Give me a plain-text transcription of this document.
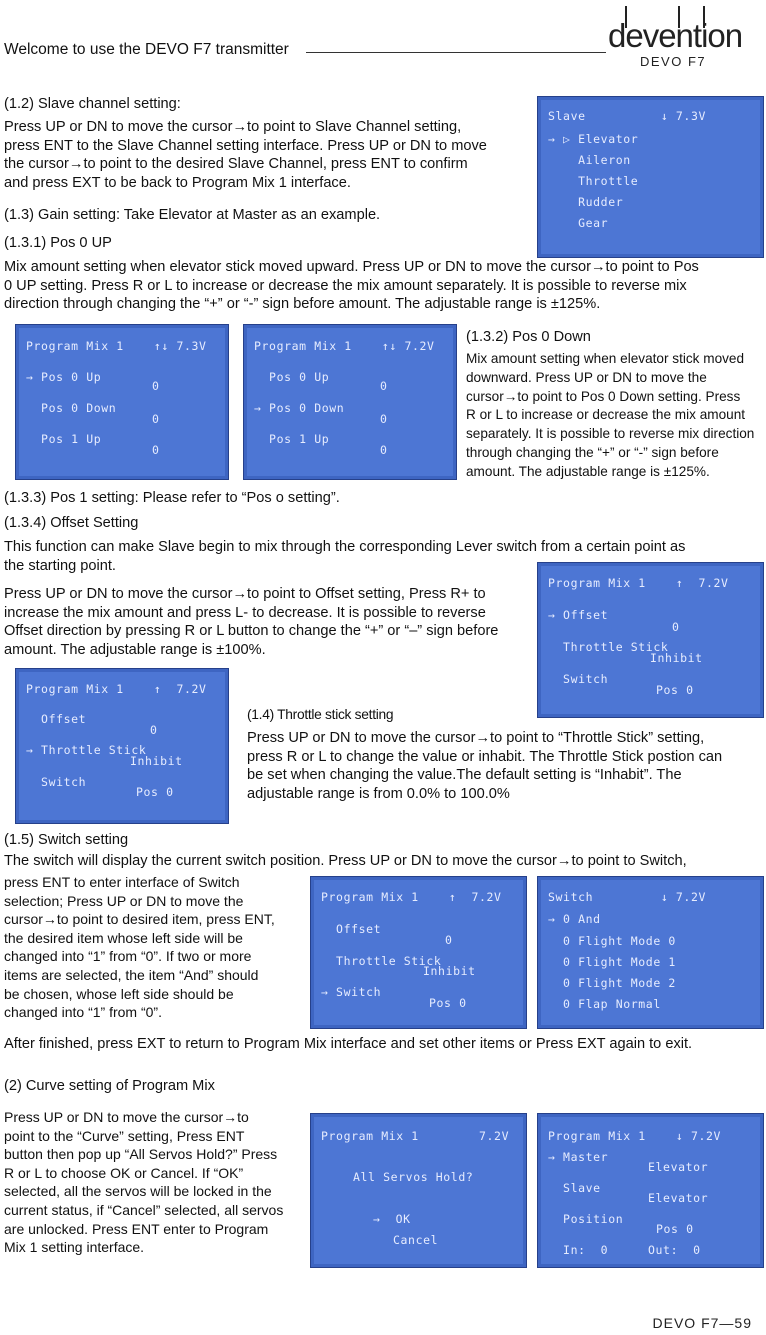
Welcome to use the DEVO F7 transmitter	devention
DEVO F7
(1.2) Slave channel setting:
Press UP or DN to move the cursor→to point to Slave Channel setting,
press ENT to the Slave Channel setting interface. Press UP or DN to move
the cursor→to point to the desired Slave Channel, press ENT to confirm
and press EXT to be back to Program Mix 1 interface.
(1.3) Gain setting: Take Elevator at Master as an example.
(1.3.1) Pos 0 UP
Mix amount setting when elevator stick moved upward. Press UP or DN to move the cursor→to point to Pos
0 UP setting. Press R or L to increase or decrease the mix amount separately. It is possible to reverse mix
direction through changing the “+” or “-” sign before amount. The adjustable range is ±125%.
Slave          ↓ 7.3V
→ ▷ Elevator
Aileron
Throttle
Rudder
Gear
Program Mix 1    ↑↓ 7.3V
→ Pos 0 Up
0
Pos 0 Down
0
Pos 1 Up
0
Program Mix 1    ↑↓ 7.2V
Pos 0 Up
0
→ Pos 0 Down
0
Pos 1 Up
0
(1.3.2) Pos 0 Down
Mix amount setting when elevator stick moved
downward. Press UP or DN to move the
cursor→to point to Pos 0 Down setting. Press
R or L to increase or decrease the mix amount
separately. It is possible to reverse mix direction
through changing the “+” or “-” sign before
amount. The adjustable range is ±125%.
(1.3.3) Pos 1 setting: Please refer to “Pos o setting”.
(1.3.4) Offset Setting
This function can make Slave begin to mix through the corresponding Lever switch from a certain point as
the starting point.
Press UP or DN to move the cursor→to point to Offset setting, Press R+ to
increase the mix amount and press L- to decrease. It is possible to reverse
Offset direction by pressing R or L button to change the “+” or “–” sign before
amount. The adjustable range is ±100%.
Program Mix 1    ↑  7.2V
→ Offset
0
Throttle Stick
Inhibit
Switch
Pos 0
Program Mix 1    ↑  7.2V
Offset
0
→ Throttle Stick
Inhibit
Switch
Pos 0
(1.4) Throttle stick setting
Press UP or DN to move the cursor→to point to “Throttle Stick” setting,
press R or L to change the value or inhabit. The Throttle Stick postion can
be set when changing the value.The default setting is “Inhabit”. The
adjustable range is from 0.0% to 100.0%
(1.5) Switch setting
The switch will display the current switch position. Press UP or DN to move the cursor→to point to Switch,
press ENT to enter interface of Switch
selection; Press UP or DN to move the
cursor→to point to desired item, press ENT,
the desired item whose left side will be
changed into “1” from “0”. If two or more
items are selected, the item “And” should
be chosen, whose left side should be
changed into “1” from “0”.
Program Mix 1    ↑  7.2V
Offset
0
Throttle Stick
Inhibit
→ Switch
Pos 0
Switch         ↓ 7.2V
→ 0 And
0 Flight Mode 0
0 Flight Mode 1
0 Flight Mode 2
0 Flap Normal
After finished, press EXT to return to Program Mix interface and set other items or Press EXT again to exit.
(2) Curve setting of Program Mix
Press UP or DN to move the cursor→to
point to the “Curve” setting, Press ENT
button then pop up “All Servos Hold?” Press
R or L to choose OK or Cancel. If “OK”
selected, all the servos will be locked in the
current status, if “Cancel” selected, all servos
are unlocked. Press ENT enter to Program
Mix 1 setting interface.
Program Mix 1        7.2V
All Servos Hold?
→  OK
Cancel
Program Mix 1    ↓ 7.2V
→ Master
Elevator
Slave
Elevator
Position
Pos 0
In:  0	Out:  0
DEVO F7—59
